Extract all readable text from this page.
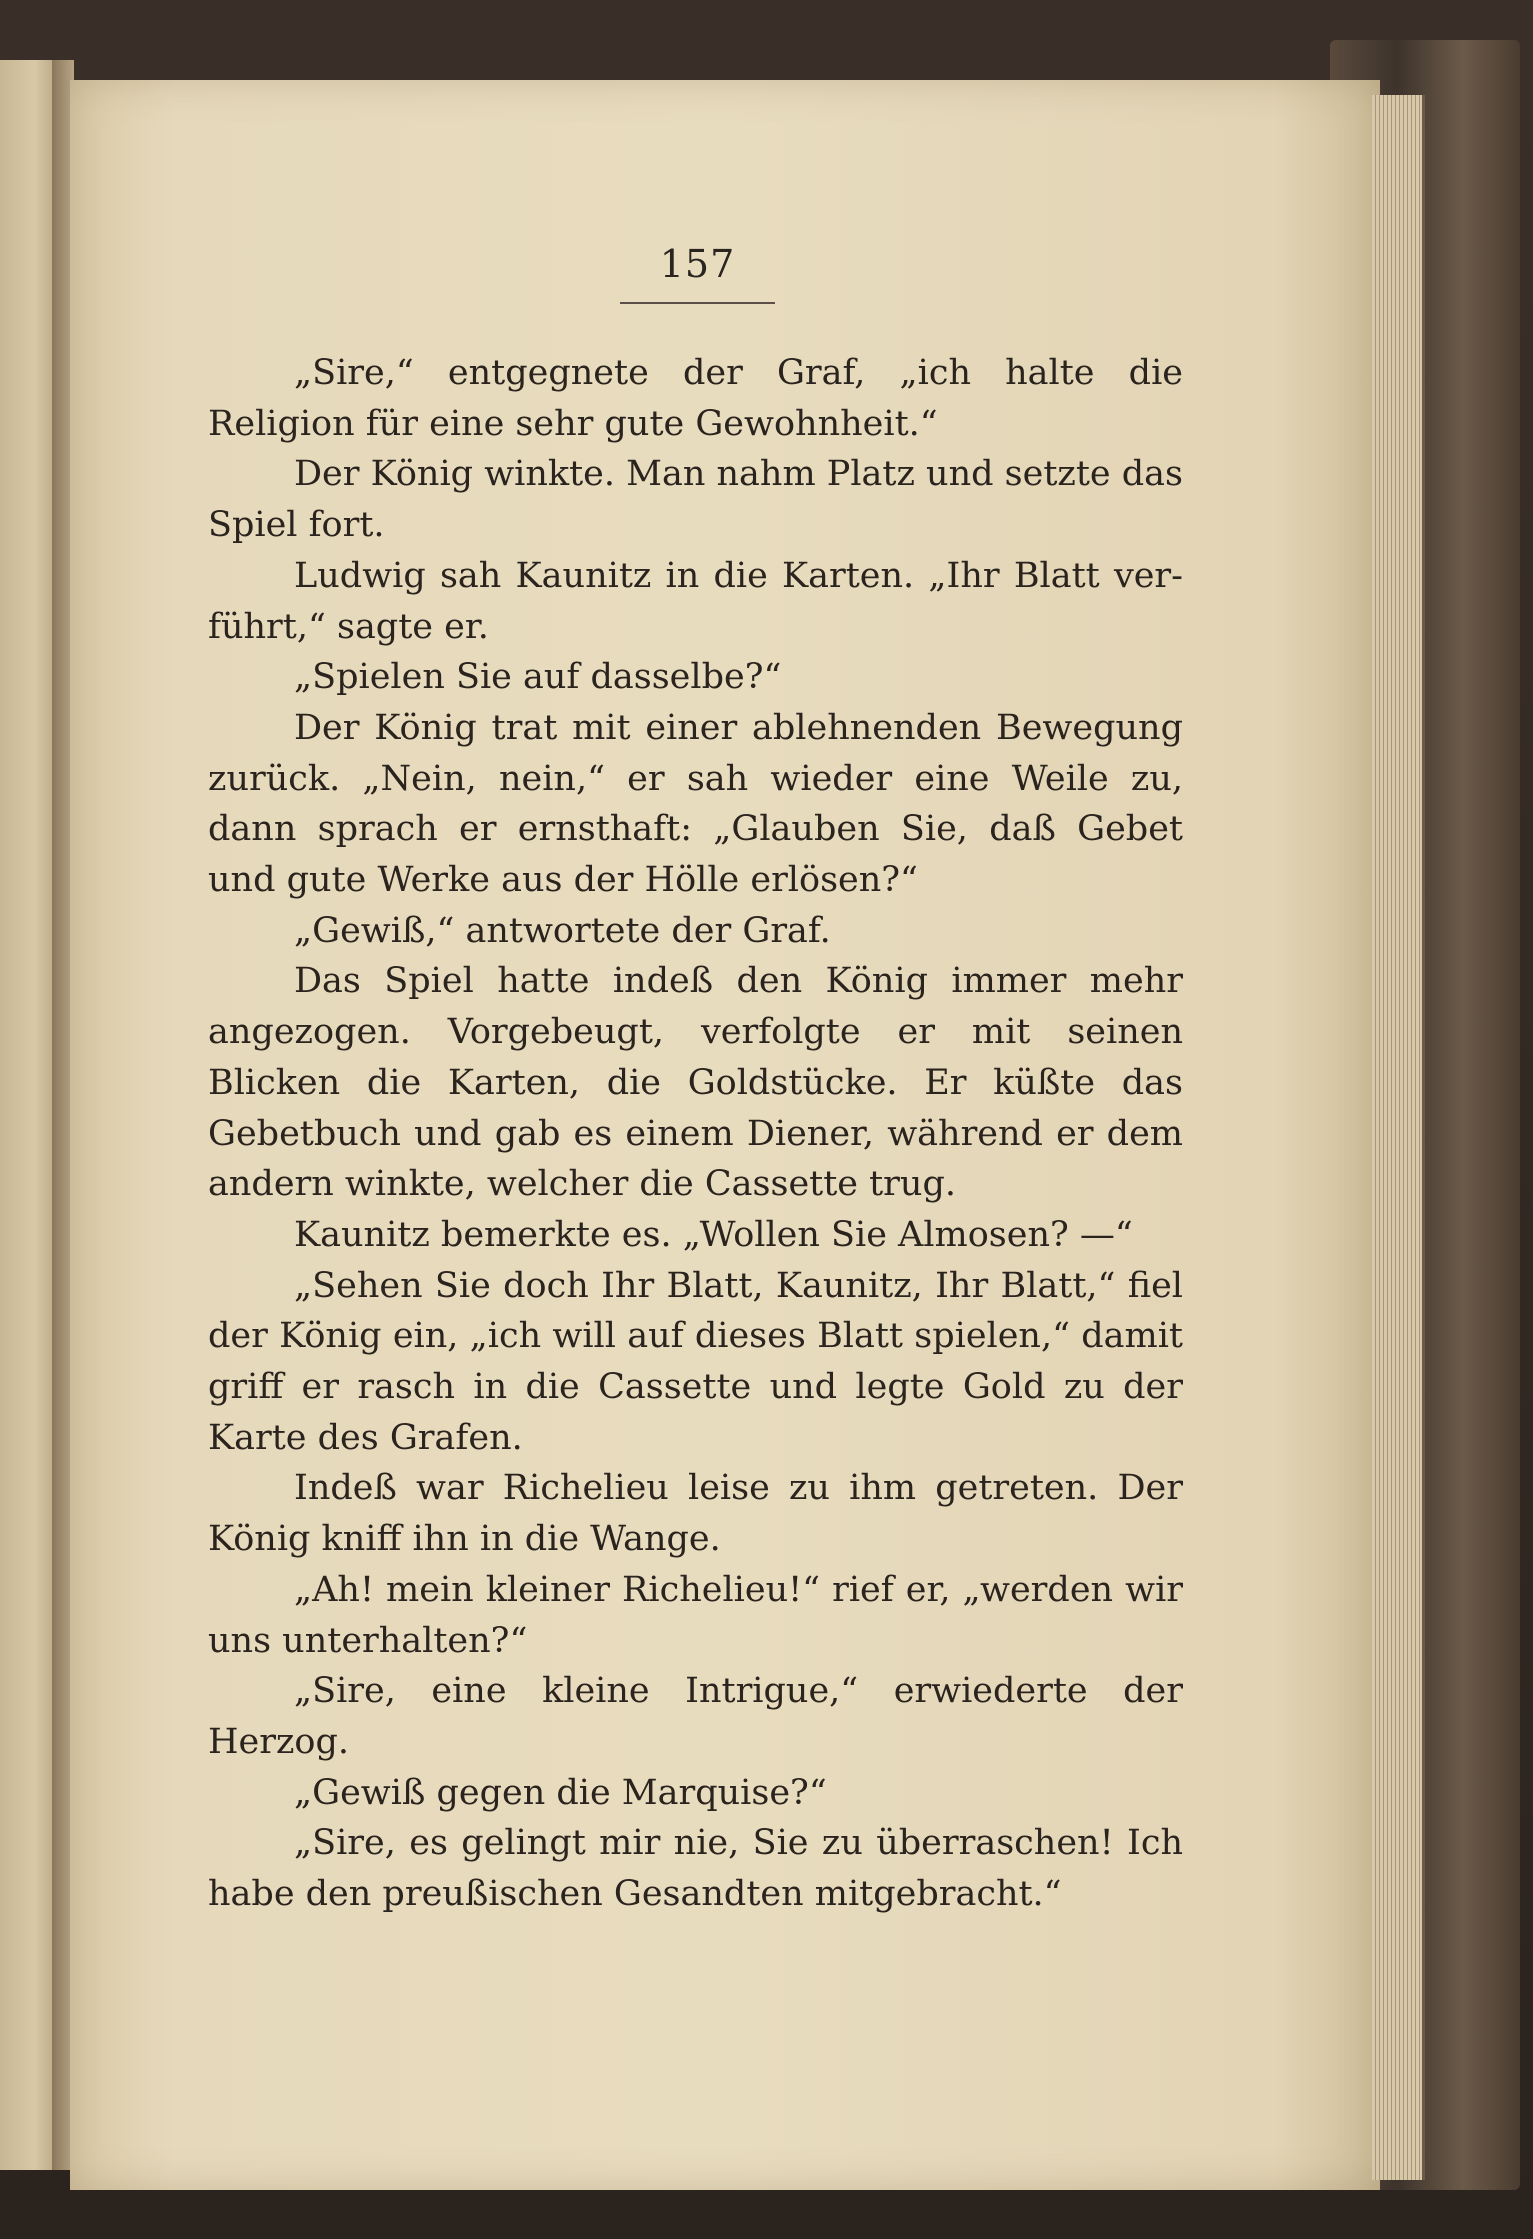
157

„Sire,“ entgegnete der Graf, „ich halte die Religion für eine sehr gute Gewohnheit.“

Der König winkte. Man nahm Platz und setzte das Spiel fort.

Ludwig sah Kaunitz in die Karten. „Ihr Blatt verführt,“ sagte er.

„Spielen Sie auf dasselbe?“

Der König trat mit einer ablehnenden Bewegung zurück. „Nein, nein,“ er sah wieder eine Weile zu, dann sprach er ernsthaft: „Glauben Sie, daß Gebet und gute Werke aus der Hölle erlösen?“

„Gewiß,“ antwortete der Graf.

Das Spiel hatte indeß den König immer mehr angezogen. Vorgebeugt, verfolgte er mit seinen Blicken die Karten, die Goldstücke. Er küßte das Gebetbuch und gab es einem Diener, während er dem andern winkte, welcher die Cassette trug.

Kaunitz bemerkte es. „Wollen Sie Almosen? —“

„Sehen Sie doch Ihr Blatt, Kaunitz, Ihr Blatt,“ fiel der König ein, „ich will auf dieses Blatt spielen,“ damit griff er rasch in die Cassette und legte Gold zu der Karte des Grafen.

Indeß war Richelieu leise zu ihm getreten. Der König kniff ihn in die Wange.

„Ah! mein kleiner Richelieu!“ rief er, „werden wir uns unterhalten?“

„Sire, eine kleine Intrigue,“ erwiederte der Herzog.

„Gewiß gegen die Marquise?“

„Sire, es gelingt mir nie, Sie zu überraschen! Ich habe den preußischen Gesandten mitgebracht.“
